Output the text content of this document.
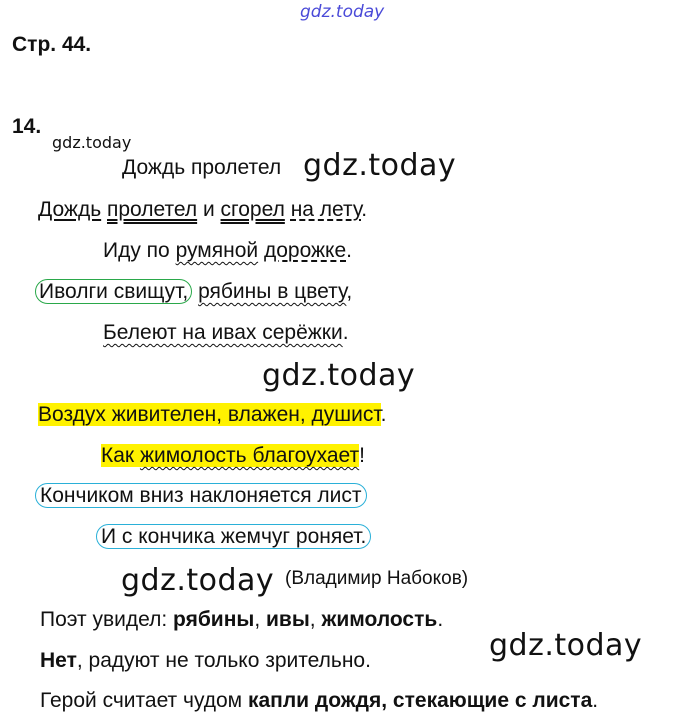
gdz.today
Стр. 44.
14.
gdz.today
Дождь пролетел gdz.today
Дождь пролетел и сгорел на лету.
Иду по румяной дорожке.
Иволги свищут, рябины в цвету,
Белеют на ивах серёжки.
gdz.today
Воздух живителен, влажен, душист.
Как жимолость благоухает!
Кончиком вниз наклоняется лист
И с кончика жемчуг роняет.
gdz.today (Владимир Набоков)
Поэт увидел: рябины, ивы, жимолость.
gdz.today
Нет, радуют не только зрительно.
Герой считает чудом капли дождя, стекающие с листа.
